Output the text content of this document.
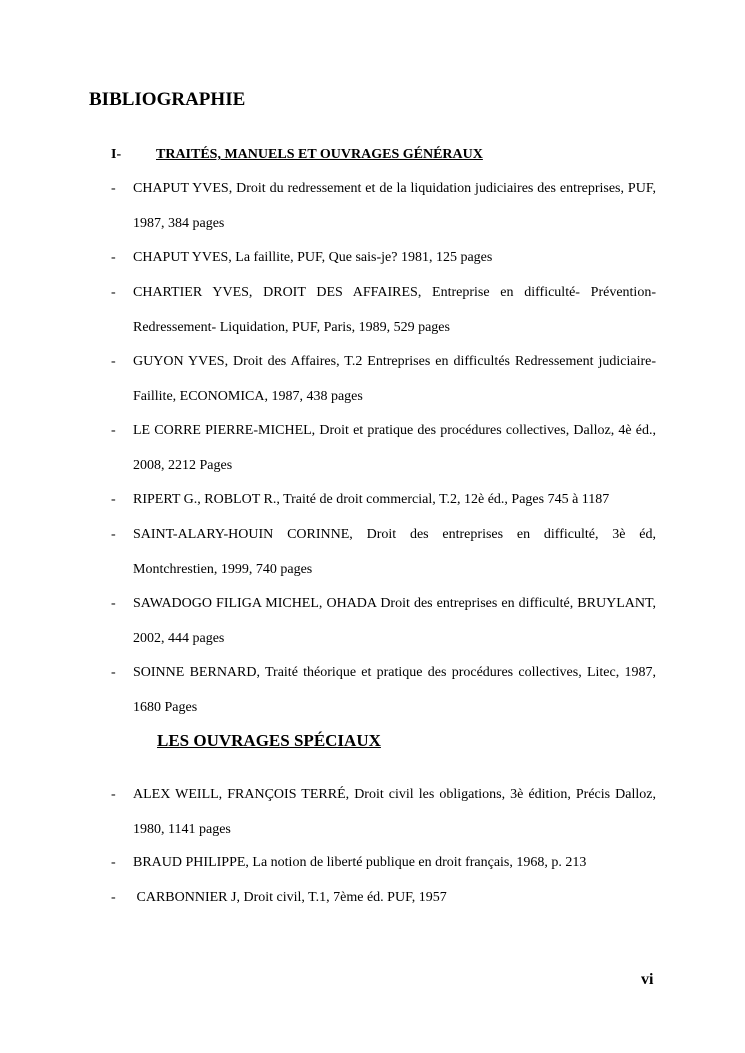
BIBLIOGRAPHIE
I- TRAITÉS, MANUELS ET OUVRAGES GÉNÉRAUX
- CHAPUT YVES, Droit du redressement et de la liquidation judiciaires des entreprises, PUF, 1987, 384 pages
- CHAPUT YVES, La faillite, PUF, Que sais-je? 1981, 125 pages
- CHARTIER YVES, DROIT DES AFFAIRES, Entreprise en difficulté- Prévention- Redressement- Liquidation, PUF, Paris, 1989, 529 pages
- GUYON YVES, Droit des Affaires, T.2 Entreprises en difficultés Redressement judiciaire-Faillite, ECONOMICA, 1987, 438 pages
- LE CORRE PIERRE-MICHEL, Droit et pratique des procédures collectives, Dalloz, 4è éd., 2008, 2212 Pages
- RIPERT G., ROBLOT R., Traité de droit commercial, T.2, 12è éd., Pages 745 à 1187
- SAINT-ALARY-HOUIN CORINNE, Droit des entreprises en difficulté, 3è éd, Montchrestien, 1999, 740 pages
- SAWADOGO FILIGA MICHEL, OHADA Droit des entreprises en difficulté, BRUYLANT, 2002, 444 pages
- SOINNE BERNARD, Traité théorique et pratique des procédures collectives, Litec, 1987, 1680 Pages
LES OUVRAGES SPÉCIAUX
- ALEX WEILL, FRANÇOIS TERRÉ, Droit civil les obligations, 3è édition, Précis Dalloz, 1980, 1141 pages
- BRAUD PHILIPPE, La notion de liberté publique en droit français, 1968, p. 213
- CARBONNIER J, Droit civil, T.1, 7ème éd. PUF, 1957
vi
